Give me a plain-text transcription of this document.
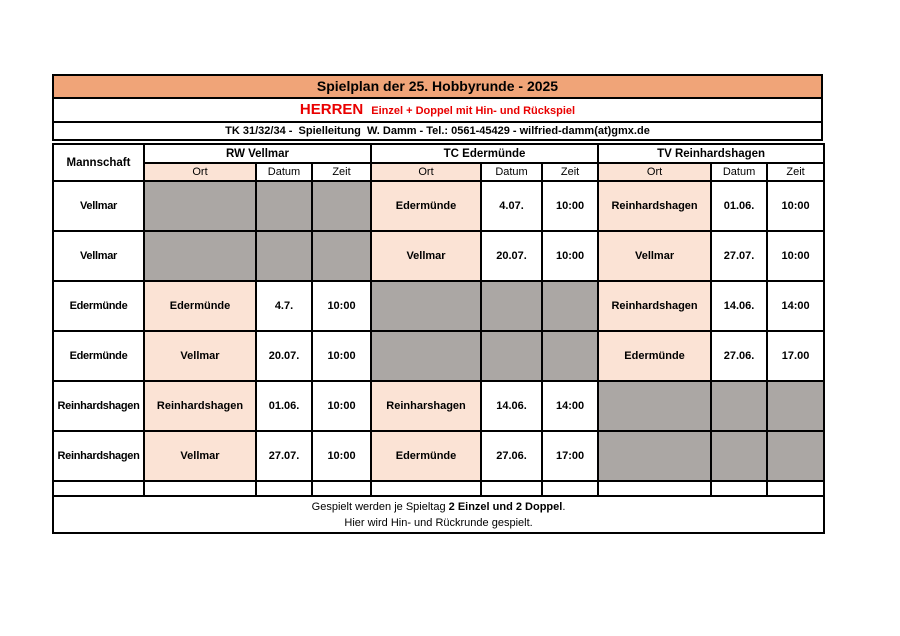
Spielplan der 25. Hobbyrunde - 2025
HERREN Einzel + Doppel mit Hin- und Rückspiel
TK 31/32/34 -  Spielleitung  W. Damm - Tel.: 0561-45429 - wilfried-damm(at)gmx.de
Mannschaft	RW Vellmar			TC Edermünde			TV Reinhardshagen		
	Ort	Datum	Zeit	Ort	Datum	Zeit	Ort	Datum	Zeit
Vellmar				Edermünde	4.07.	10:00	Reinhardshagen	01.06.	10:00
Vellmar				Vellmar	20.07.	10:00	Vellmar	27.07.	10:00
Edermünde	Edermünde	4.7.	10:00				Reinhardshagen	14.06.	14:00
Edermünde	Vellmar	20.07.	10:00				Edermünde	27.06.	17.00
Reinhardshagen	Reinhardshagen	01.06.	10:00	Reinharshagen	14.06.	14:00			
Reinhardshagen	Vellmar	27.07.	10:00	Edermünde	27.06.	17:00			

Gespielt werden je Spieltag 2 Einzel und 2 Doppel.
Hier wird Hin- und Rückrunde gespielt.									
